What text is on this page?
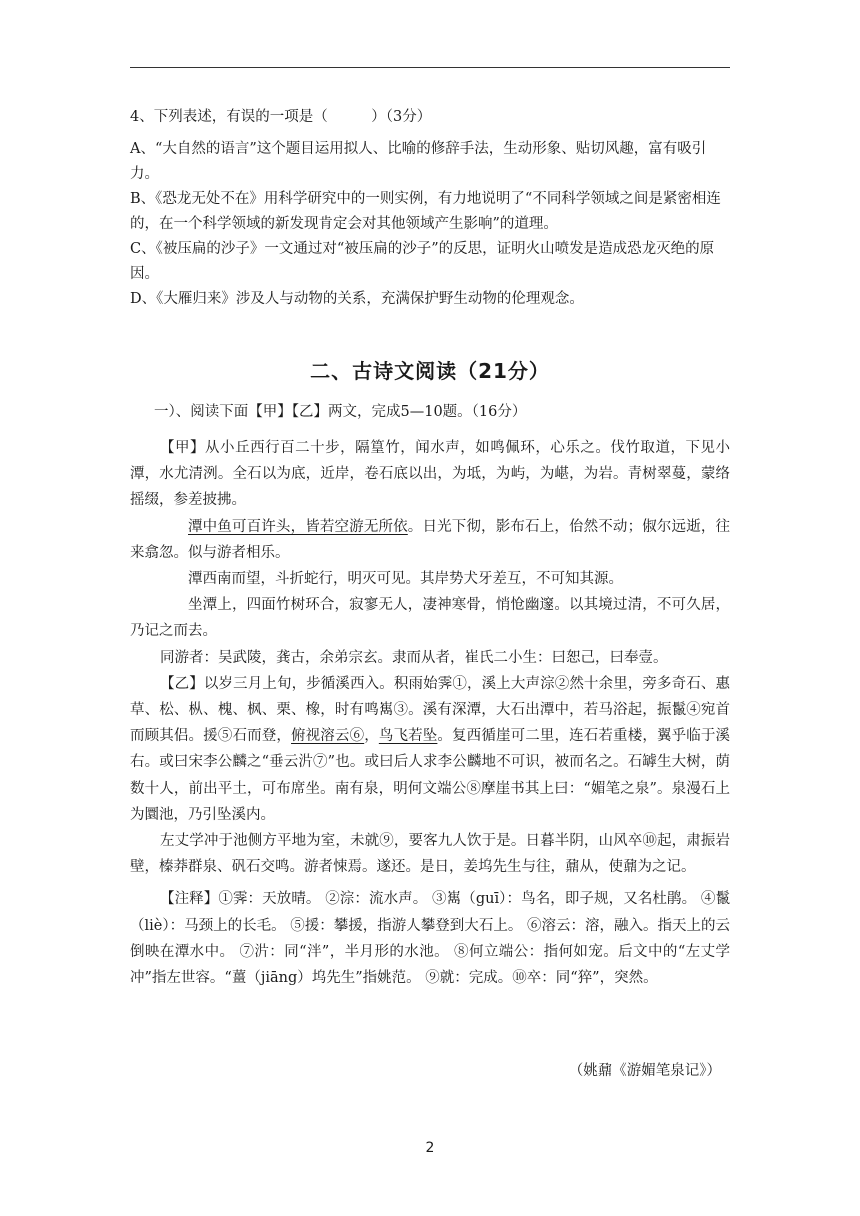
4、下列表述，有误的一项是（　　　）（3分）

A、“大自然的语言”这个题目运用拟人、比喻的修辞手法，生动形象、贴切风趣，富有吸引力。

B、《恐龙无处不在》用科学研究中的一则实例，有力地说明了“不同科学领域之间是紧密相连的，在一个科学领域的新发现肯定会对其他领域产生影响”的道理。

C、《被压扁的沙子》一文通过对“被压扁的沙子”的反思，证明火山喷发是造成恐龙灭绝的原因。

D、《大雁归来》涉及人与动物的关系，充满保护野生动物的伦理观念。

二、古诗文阅读（21分）
一）、阅读下面【甲】【乙】两文，完成5—10题。（16分）

【甲】从小丘西行百二十步，隔篁竹，闻水声，如鸣佩环，心乐之。伐竹取道，下见小潭，水尤清洌。全石以为底，近岸，卷石底以出，为坻，为屿，为嵁，为岩。青树翠蔓，蒙络摇缀，参差披拂。

潭中鱼可百许头，皆若空游无所依。日光下彻，影布石上，佁然不动；俶尔远逝，往来翕忽。似与游者相乐。

潭西南而望，斗折蛇行，明灭可见。其岸势犬牙差互，不可知其源。

坐潭上，四面竹树环合，寂寥无人，凄神寒骨，悄怆幽邃。以其境过清，不可久居，乃记之而去。

同游者：吴武陵，龚古，余弟宗玄。隶而从者，崔氏二小生：曰恕己，曰奉壹。

【乙】以岁三月上旬，步循溪西入。积雨始霁①，溪上大声淙②然十余里，旁多奇石、惠草、松、枞、槐、枫、栗、橡，时有鸣嶲③。溪有深潭，大石出潭中，若马浴起，振鬣④宛首而顾其侣。援⑤石而登，俯视溶云⑥，鸟飞若坠。复西循崖可二里，连石若重楼，翼乎临于溪右。或曰宋李公麟之“垂云沜⑦”也。或曰后人求李公麟地不可识，被而名之。石罅生大树，荫数十人，前出平土，可布席坐。南有泉，明何文端公⑧摩崖书其上曰：“媚笔之泉”。泉漫石上为圜池，乃引坠溪内。

左丈学冲于池侧方平地为室，未就⑨，要客九人饮于是。日暮半阴，山风卒⑩起，肃振岩壁，榛莽群泉、矾石交鸣。游者悚焉。遂还。是日，姜坞先生与往，鼐从，使鼐为之记。

【注释】①霁：天放晴。 ②淙：流水声。 ③嶲（guī）：鸟名，即子规，又名杜鹃。 ④鬣（liè）：马颈上的长毛。 ⑤援：攀援，指游人攀登到大石上。 ⑥溶云：溶，融入。指天上的云倒映在潭水中。 ⑦沜：同“泮”，半月形的水池。 ⑧何立端公：指何如宠。后文中的“左丈学冲”指左世容。“薑（jiāng）坞先生”指姚范。 ⑨就：完成。⑩卒：同“猝”，突然。

（姚鼐《游媚笔泉记》）
2
